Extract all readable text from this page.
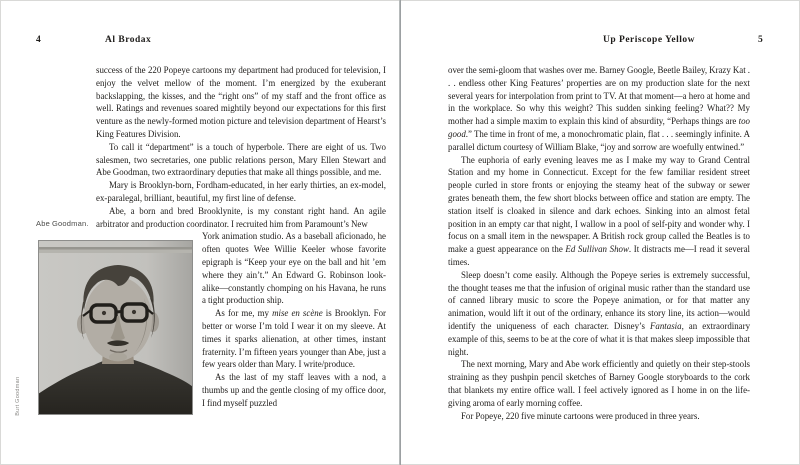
4	Al Brodax

success of the 220 Popeye cartoons my department had produced for television, I enjoy the velvet mellow of the moment. I’m energized by the exuberant backslapping, the kisses, and the “right ons” of my staff and the front office as well. Ratings and revenues soared mightily beyond our expectations for this first venture as the newly-formed motion picture and television department of Hearst’s King Features Division.

To call it “department” is a touch of hyperbole. There are eight of us. Two salesmen, two secretaries, one public relations person, Mary Ellen Stewart and Abe Goodman, two extraordinary deputies that make all things possible, and me.

Mary is Brooklyn-born, Fordham-educated, in her early thirties, an ex-model, ex-paralegal, brilliant, beautiful, my first line of defense.

Abe, a born and bred Brooklynite, is my constant right hand. An agile arbitrator and production coordinator. I recruited him from Paramount’s New

Abe Goodman.
Burt Goodman

York animation studio. As a baseball aficionado, he often quotes Wee Willie Keeler whose favorite epigraph is “Keep your eye on the ball and hit ’em where they ain’t.” An Edward G. Robinson look-alike—constantly chomping on his Havana, he runs a tight production ship.

As for me, my mise en scène is Brooklyn. For better or worse I’m told I wear it on my sleeve. At times it sparks alienation, at other times, instant fraternity. I’m fifteen years younger than Abe, just a few years older than Mary. I write/produce.

As the last of my staff leaves with a nod, a thumbs up and the gentle closing of my office door, I find myself puzzled

Up Periscope Yellow	5

over the semi-gloom that washes over me. Barney Google, Beetle Bailey, Krazy Kat . . . endless other King Features’ properties are on my production slate for the next several years for interpolation from print to TV. At that moment—a hero at home and in the workplace. So why this weight? This sudden sinking feeling? What?? My mother had a simple maxim to explain this kind of absurdity, “Perhaps things are too good.” The time in front of me, a monochromatic plain, flat . . . seemingly infinite. A parallel dictum courtesy of William Blake, “joy and sorrow are woefully entwined.”

The euphoria of early evening leaves me as I make my way to Grand Central Station and my home in Connecticut. Except for the few familiar resident street people curled in store fronts or enjoying the steamy heat of the subway or sewer grates beneath them, the few short blocks between office and station are empty. The station itself is cloaked in silence and dark echoes. Sinking into an almost fetal position in an empty car that night, I wallow in a pool of self-pity and wonder why. I focus on a small item in the newspaper. A British rock group called the Beatles is to make a guest appearance on the Ed Sullivan Show. It distracts me—I read it several times.

Sleep doesn’t come easily. Although the Popeye series is extremely successful, the thought teases me that the infusion of original music rather than the standard use of canned library music to score the Popeye animation, or for that matter any animation, would lift it out of the ordinary, enhance its story line, its action—would identify the uniqueness of each character. Disney’s Fantasia, an extraordinary example of this, seems to be at the core of what it is that makes sleep impossible that night.

The next morning, Mary and Abe work efficiently and quietly on their step-stools straining as they pushpin pencil sketches of Barney Google storyboards to the cork that blankets my entire office wall. I feel actively ignored as I home in on the life-giving aroma of early morning coffee.

For Popeye, 220 five minute cartoons were produced in three years.
